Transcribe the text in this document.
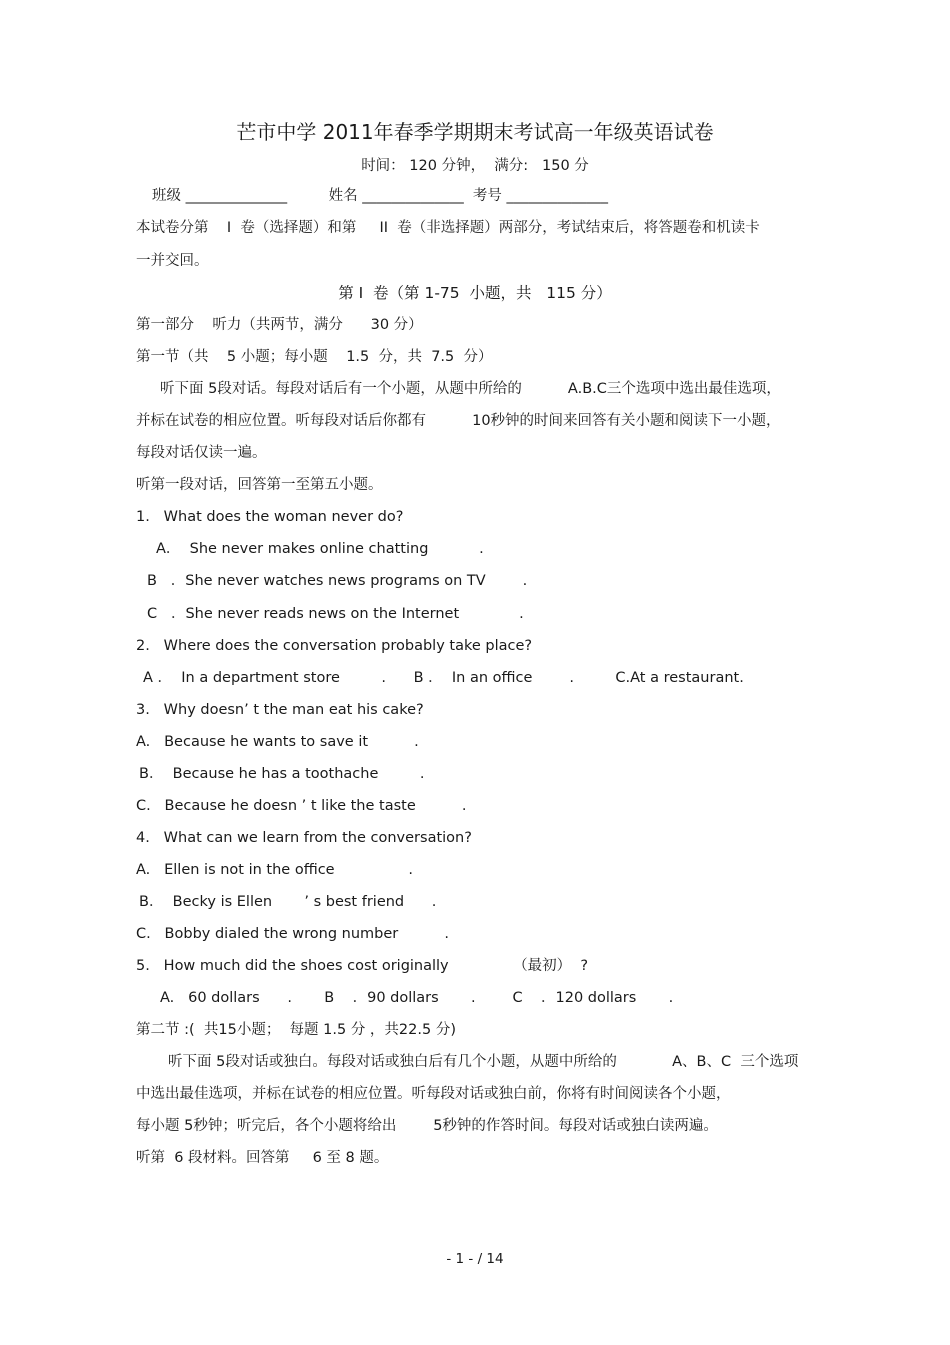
芒市中学 2011年春季学期期末考试高一年级英语试卷
时间： 120 分钟，  满分:   150 分
班级 ______________         姓名 ______________  考号 ______________
本试卷分第    I  卷（选择题）和第     II  卷（非选择题）两部分，考试结束后，将答题卷和机读卡
一并交回。
第 I  卷（第 1-75  小题，共   115 分）
第一部分    听力（共两节，满分      30 分）
第一节（共    5 小题；每小题    1.5  分，共  7.5  分）
听下面 5段对话。每段对话后有一个小题，从题中所给的          A.B.C三个选项中选出最佳选项，
并标在试卷的相应位置。听每段对话后你都有          10秒钟的时间来回答有关小题和阅读下一小题，
每段对话仅读一遍。
听第一段对话，回答第一至第五小题。
1.   What does the woman never do?
A．  She never makes online chatting           .
B   ．She never watches news programs on TV        .
C   ．She never reads news on the Internet             .
2.   Where does the conversation probably take place?
A ．  In a department store         .      B ．  In an office        .         C.At a restaurant.
3.   Why doesn’ t the man eat his cake?
A.   Because he wants to save it          .
B．  Because he has a toothache         .
C.   Because he doesn ’ t like the taste          .
4.   What can we learn from the conversation?
A.   Ellen is not in the office                .
B．  Becky is Ellen       ’ s best friend      .
C.   Bobby dialed the wrong number          .
5.   How much did the shoes cost originally              （最初）  ?
A.   60 dollars      .       B    ．90 dollars       .        C    ．120 dollars       .
第二节 :(  共15小题；  每题 1.5 分 ，共22.5 分)
听下面 5段对话或独白。每段对话或独白后有几个小题，从题中所给的            A、B、C  三个选项
中选出最佳选项，并标在试卷的相应位置。听每段对话或独白前，你将有时间阅读各个小题，
每小题 5秒钟；听完后，各个小题将给出        5秒钟的作答时间。每段对话或独白读两遍。
听第  6 段材料。回答第     6 至 8 题。
- 1 - / 14
